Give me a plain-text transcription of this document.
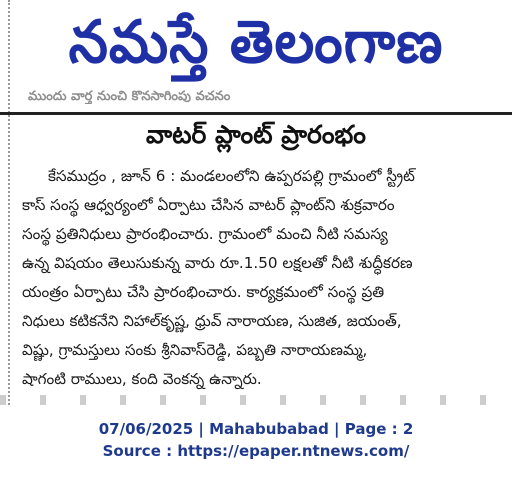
నమస్తే తెలంగాణ
ముందు వార్త నుంచి కొనసాగింపు వచనం
వాటర్ ప్లాంట్ ప్రారంభం
కేసముద్రం , జూన్ 6 : మండలంలోని ఉప్పరపల్లి గ్రామంలో స్ట్రీట్
కాస్ సంస్థ ఆధ్వర్యంలో ఏర్పాటు చేసిన వాటర్ ప్లాంట్‌ని శుక్రవారం
సంస్థ ప్రతినిధులు ప్రారంభించారు. గ్రామంలో మంచి నీటి సమస్య
ఉన్న విషయం తెలుసుకున్న వారు రూ.1.50 లక్షలతో నీటి శుద్ధీకరణ
యంత్రం ఏర్పాటు చేసి ప్రారంభించారు. కార్యక్రమంలో సంస్థ ప్రతి
నిధులు కటికనేని నిహాల్‌కృష్ణ, ధ్రువ్ నారాయణ, సుజిత, జయంత్,
విష్ణు, గ్రామస్తులు సంకు శ్రీనివాస్‌రెడ్డి, పబ్బతి నారాయణమ్మ,
షాగంటి రాములు, కంది వెంకన్న ఉన్నారు.
07/06/2025 | Mahabubabad | Page : 2
Source : https://epaper.ntnews.com/
